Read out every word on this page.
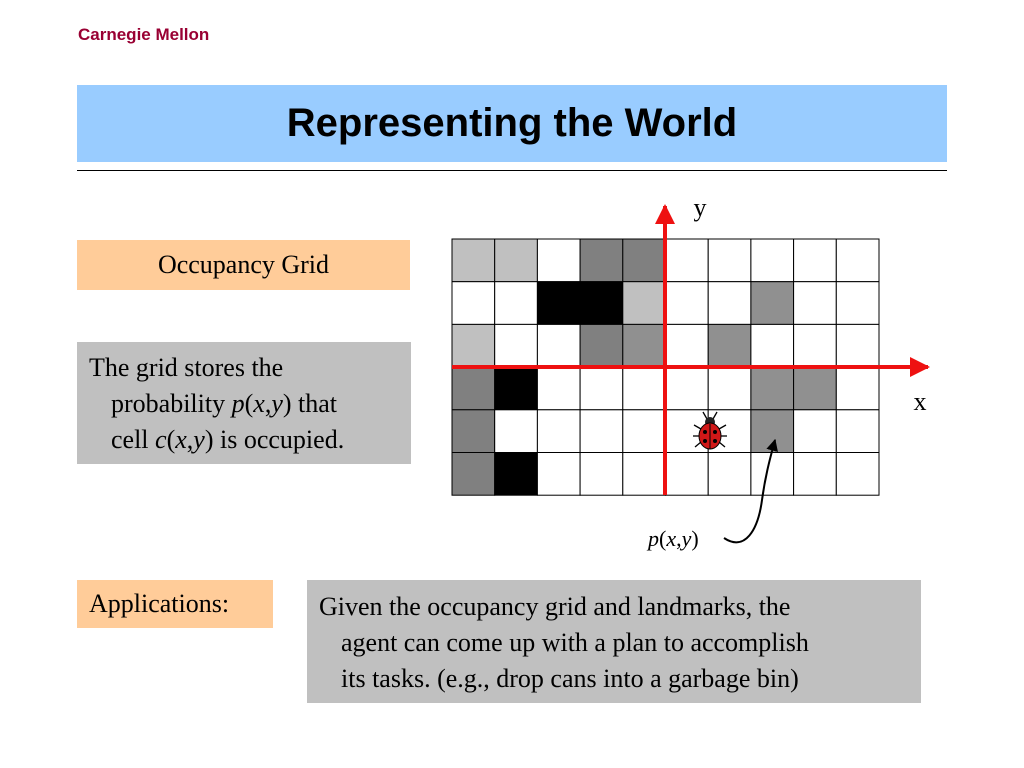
Carnegie Mellon
Representing the World
Occupancy Grid
The grid stores the
probability p(x,y) that
cell c(x,y) is occupied.
Applications:	Given the occupancy grid and landmarks, the
agent can come up with a plan to accomplish
its tasks. (e.g., drop cans into a garbage bin)
y
x
p(x,y)
